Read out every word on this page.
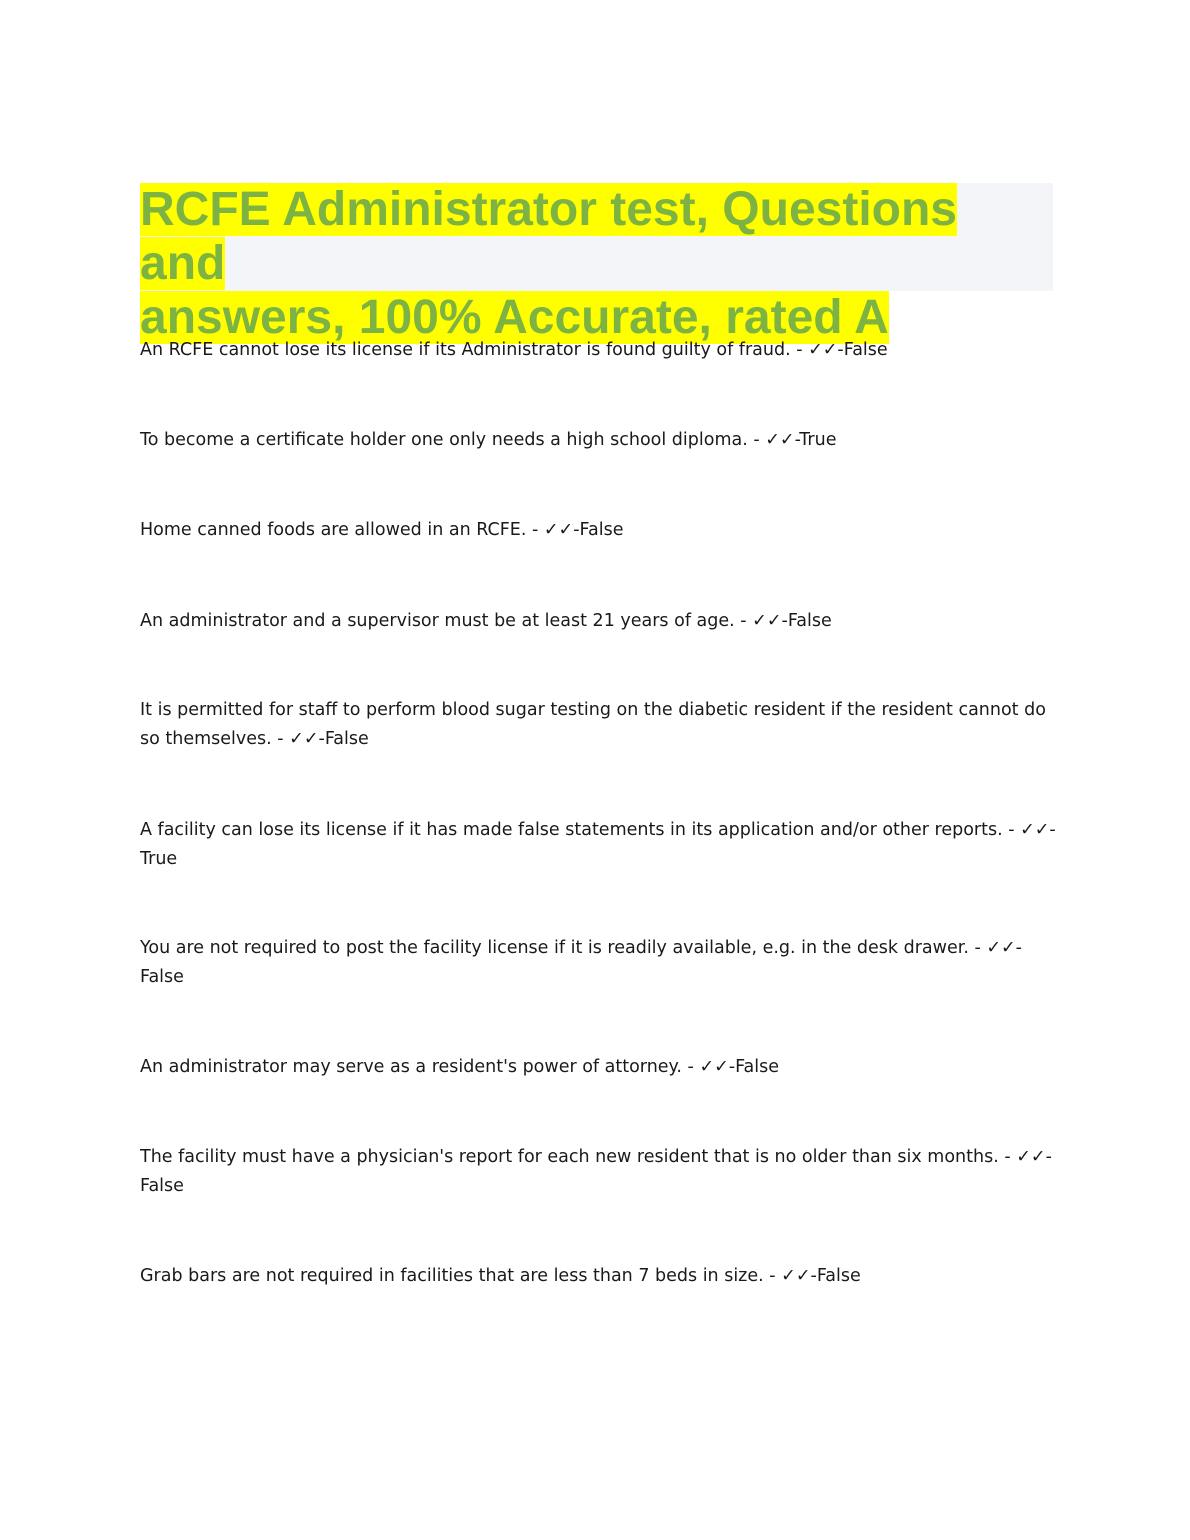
RCFE Administrator test, Questions and
answers, 100% Accurate, rated A

An RCFE cannot lose its license if its Administrator is found guilty of fraud. - ✓✓-False

To become a certificate holder one only needs a high school diploma. - ✓✓-True

Home canned foods are allowed in an RCFE. - ✓✓-False

An administrator and a supervisor must be at least 21 years of age. - ✓✓-False

It is permitted for staff to perform blood sugar testing on the diabetic resident if the resident cannot do so themselves. - ✓✓-False

A facility can lose its license if it has made false statements in its application and/or other reports. - ✓✓-True

You are not required to post the facility license if it is readily available, e.g. in the desk drawer. - ✓✓-False

An administrator may serve as a resident's power of attorney. - ✓✓-False

The facility must have a physician's report for each new resident that is no older than six months. - ✓✓-False

Grab bars are not required in facilities that are less than 7 beds in size. - ✓✓-False
